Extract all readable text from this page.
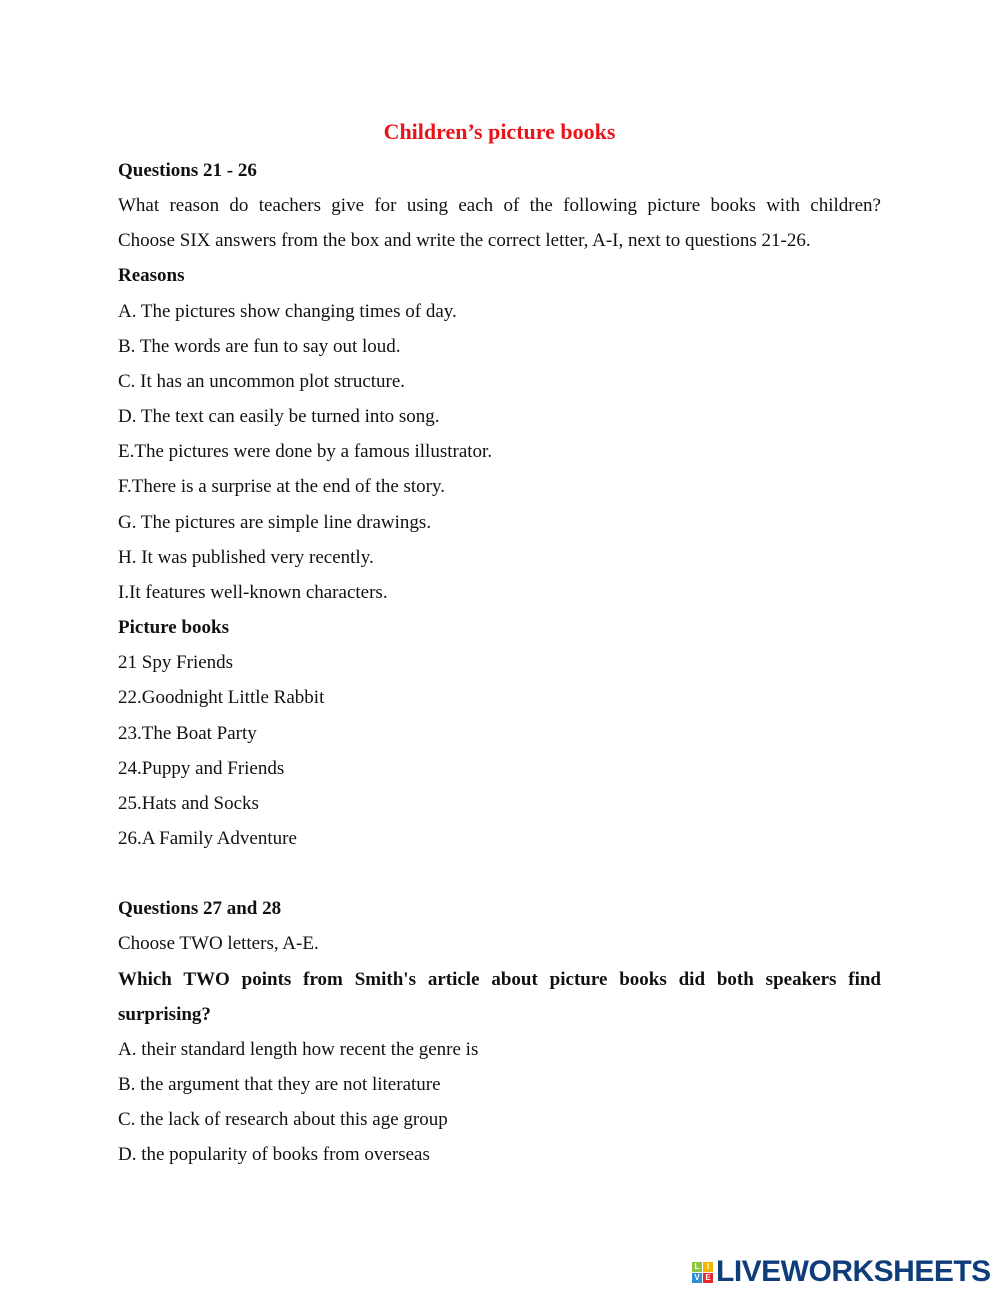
Children’s picture books
Questions 21 - 26
What reason do teachers give for using each of the following picture books with children?
Choose SIX answers from the box and write the correct letter, A-I, next to questions 21-26.
Reasons
A. The pictures show changing times of day.
B. The words are fun to say out loud.
C. It has an uncommon plot structure.
D. The text can easily be turned into song.
E.The pictures were done by a famous illustrator.
F.There is a surprise at the end of the story.
G. The pictures are simple line drawings.
H. It was published very recently.
I.It features well-known characters.
Picture books
21 Spy Friends
22.Goodnight Little Rabbit
23.The Boat Party
24.Puppy and Friends
25.Hats and Socks
26.A Family Adventure
Questions 27 and 28
Choose TWO letters, A-E.
Which TWO points from Smith's article about picture books did both speakers find surprising?
A. their standard length how recent the genre is
B. the argument that they are not literature
C. the lack of research about this age group
D. the popularity of books from overseas
L I
V E LIVEWORKSHEETS
